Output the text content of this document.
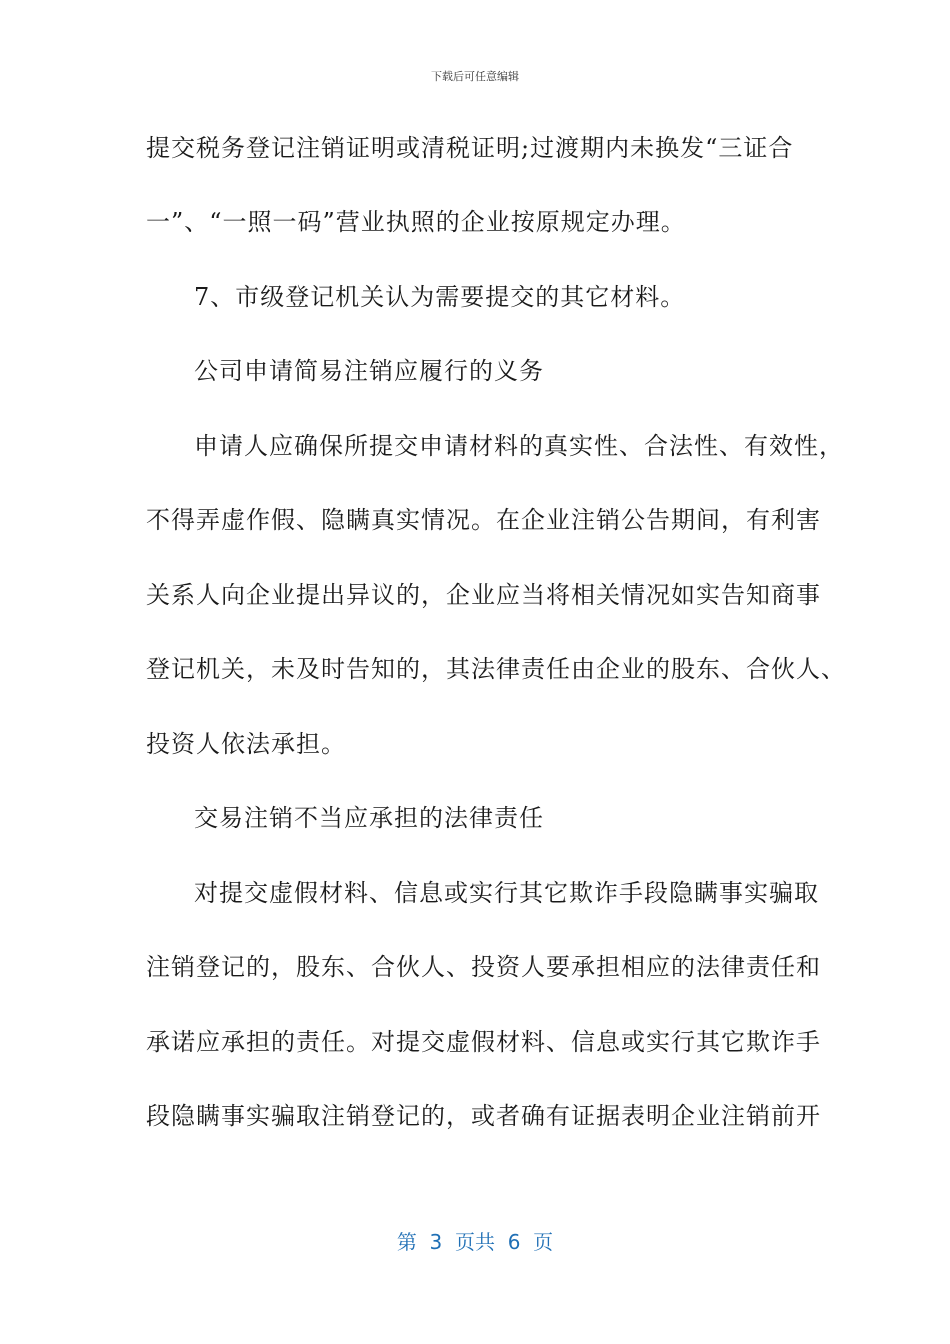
下载后可任意编辑
提交税务登记注销证明或清税证明;过渡期内未换发“三证合
一”、“一照一码”营业执照的企业按原规定办理。
7、市级登记机关认为需要提交的其它材料。
公司申请简易注销应履行的义务
申请人应确保所提交申请材料的真实性、合法性、有效性，
不得弄虚作假、隐瞒真实情况。在企业注销公告期间，有利害
关系人向企业提出异议的，企业应当将相关情况如实告知商事
登记机关，未及时告知的，其法律责任由企业的股东、合伙人、
投资人依法承担。
交易注销不当应承担的法律责任
对提交虚假材料、信息或实行其它欺诈手段隐瞒事实骗取
注销登记的，股东、合伙人、投资人要承担相应的法律责任和
承诺应承担的责任。对提交虚假材料、信息或实行其它欺诈手
段隐瞒事实骗取注销登记的，或者确有证据表明企业注销前开
第  3  页共  6  页
